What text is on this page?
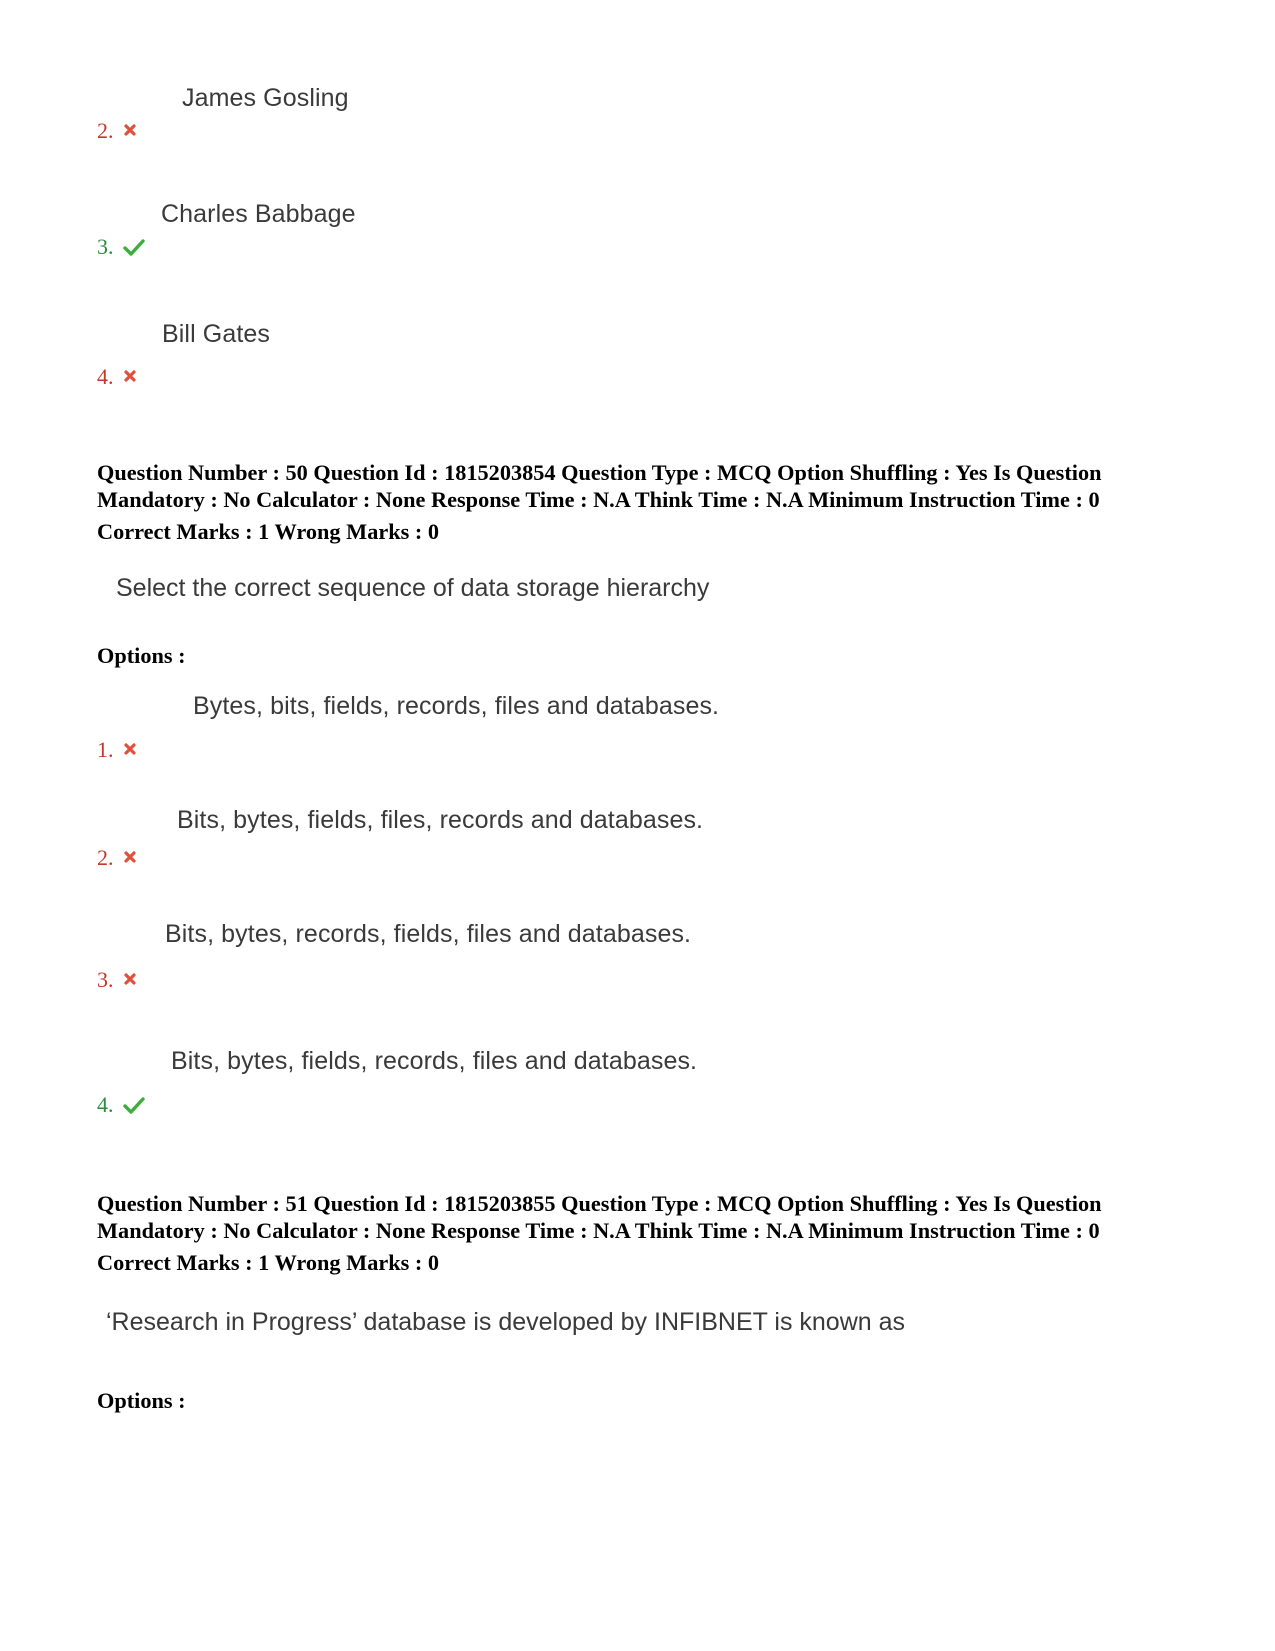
James Gosling
2.
Charles Babbage
3.
Bill Gates
4.
Question Number : 50 Question Id : 1815203854 Question Type : MCQ Option Shuffling : Yes Is Question
Mandatory : No Calculator : None Response Time : N.A Think Time : N.A Minimum Instruction Time : 0
Correct Marks : 1 Wrong Marks : 0
Select the correct sequence of data storage hierarchy
Options :
Bytes, bits, fields, records, files and databases.
1.
Bits, bytes, fields, files, records and databases.
2.
Bits, bytes, records, fields, files and databases.
3.
Bits, bytes, fields, records, files and databases.
4.
Question Number : 51 Question Id : 1815203855 Question Type : MCQ Option Shuffling : Yes Is Question
Mandatory : No Calculator : None Response Time : N.A Think Time : N.A Minimum Instruction Time : 0
Correct Marks : 1 Wrong Marks : 0
‘Research in Progress’ database is developed by INFIBNET is known as
Options :
